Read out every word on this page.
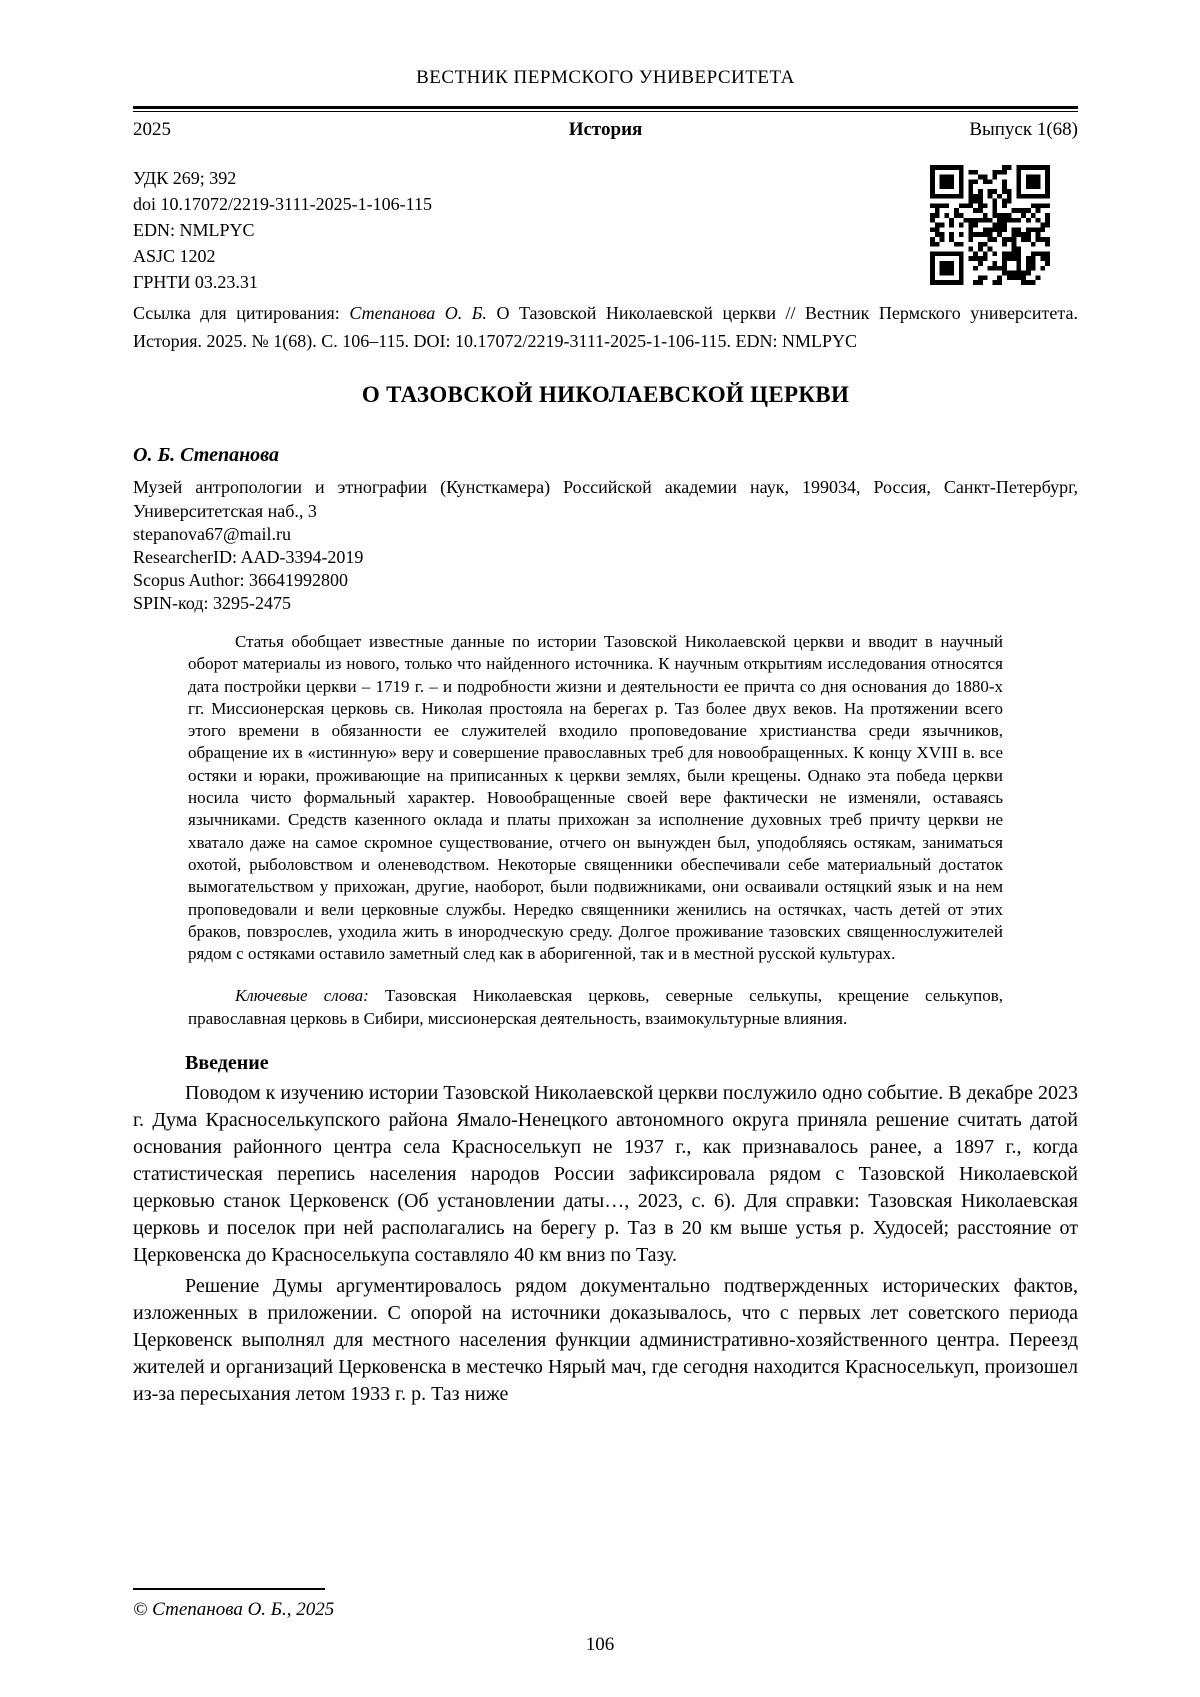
ВЕСТНИК ПЕРМСКОГО УНИВЕРСИТЕТА
2025	История	Выпуск 1(68)
УДК 269; 392
doi 10.17072/2219-3111-2025-1-106-115
EDN: NMLPYC
ASJC 1202
ГРНТИ 03.23.31
Ссылка для цитирования: Степанова О. Б. О Тазовской Николаевской церкви // Вестник Пермского университета. История. 2025. № 1(68). С. 106–115. DOI: 10.17072/2219-3111-2025-1-106-115. EDN: NMLPYC
О ТАЗОВСКОЙ НИКОЛАЕВСКОЙ ЦЕРКВИ
О. Б. Степанова
Музей антропологии и этнографии (Кунсткамера) Российской академии наук, 199034, Россия, Санкт-Петербург, Университетская наб., 3
stepanova67@mail.ru
ResearcherID: AAD-3394-2019
Scopus Author: 36641992800
SPIN-код: 3295-2475
Статья обобщает известные данные по истории Тазовской Николаевской церкви и вводит в научный оборот материалы из нового, только что найденного источника. К научным открытиям исследования относятся дата постройки церкви – 1719 г. – и подробности жизни и деятельности ее причта со дня основания до 1880-х гг. Миссионерская церковь св. Николая простояла на берегах р. Таз более двух веков. На протяжении всего этого времени в обязанности ее служителей входило проповедование христианства среди язычников, обращение их в «истинную» веру и совершение православных треб для новообращенных. К концу XVIII в. все остяки и юраки, проживающие на приписанных к церкви землях, были крещены. Однако эта победа церкви носила чисто формальный характер. Новообращенные своей вере фактически не изменяли, оставаясь язычниками. Средств казенного оклада и платы прихожан за исполнение духовных треб причту церкви не хватало даже на самое скромное существование, отчего он вынужден был, уподобляясь остякам, заниматься охотой, рыболовством и оленеводством. Некоторые священники обеспечивали себе материальный достаток вымогательством у прихожан, другие, наоборот, были подвижниками, они осваивали остяцкий язык и на нем проповедовали и вели церковные службы. Нередко священники женились на остячках, часть детей от этих браков, повзрослев, уходила жить в инородческую среду. Долгое проживание тазовских священнослужителей рядом с остяками оставило заметный след как в аборигенной, так и в местной русской культурах.
Ключевые слова: Тазовская Николаевская церковь, северные селькупы, крещение селькупов, православная церковь в Сибири, миссионерская деятельность, взаимокультурные влияния.
Введение
Поводом к изучению истории Тазовской Николаевской церкви послужило одно событие. В декабре 2023 г. Дума Красноселькупского района Ямало-Ненецкого автономного округа приняла решение считать датой основания районного центра села Красноселькуп не 1937 г., как признавалось ранее, а 1897 г., когда статистическая перепись населения народов России зафиксировала рядом с Тазовской Николаевской церковью станок Церковенск (Об установлении даты…, 2023, с. 6). Для справки: Тазовская Николаевская церковь и поселок при ней располагались на берегу р. Таз в 20 км выше устья р. Худосей; расстояние от Церковенска до Красноселькупа составляло 40 км вниз по Тазу.
Решение Думы аргументировалось рядом документально подтвержденных исторических фактов, изложенных в приложении. С опорой на источники доказывалось, что с первых лет советского периода Церковенск выполнял для местного населения функции административно-хозяйственного центра. Переезд жителей и организаций Церковенска в местечко Нярый мач, где сегодня находится Красноселькуп, произошел из-за пересыхания летом 1933 г. р. Таз ниже
© Степанова О. Б., 2025
106
